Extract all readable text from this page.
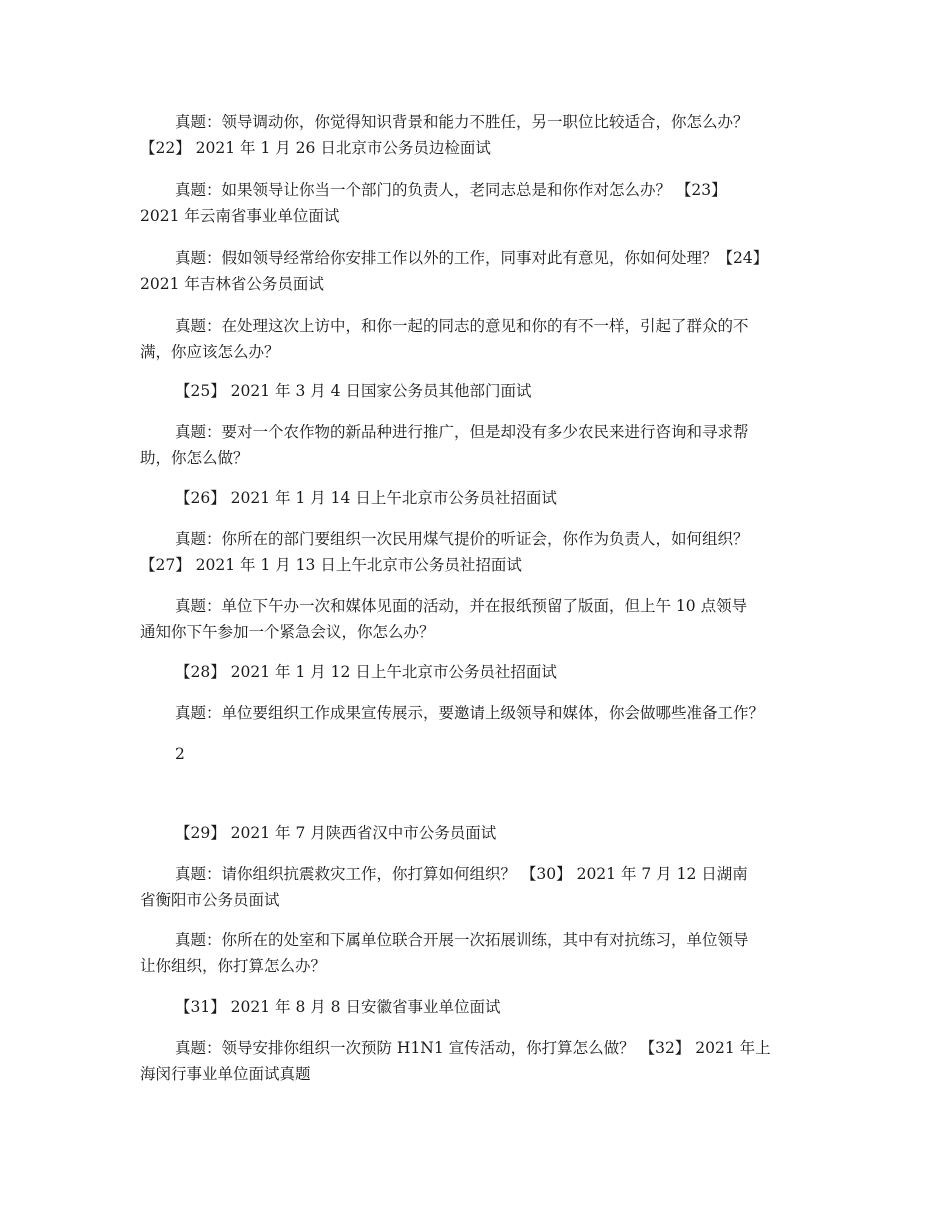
真题：领导调动你，你觉得知识背景和能力不胜任，另一职位比较适合，你怎么办？
【22】 2021 年 1 月 26 日北京市公务员边检面试
真题：如果领导让你当一个部门的负责人，老同志总是和你作对怎么办？ 【23】
2021 年云南省事业单位面试
真题：假如领导经常给你安排工作以外的工作，同事对此有意见，你如何处理？【24】
2021 年吉林省公务员面试
真题：在处理这次上访中，和你一起的同志的意见和你的有不一样，引起了群众的不
满，你应该怎么办？
【25】 2021 年 3 月 4 日国家公务员其他部门面试
真题：要对一个农作物的新品种进行推广，但是却没有多少农民来进行咨询和寻求帮
助，你怎么做？
【26】 2021 年 1 月 14 日上午北京市公务员社招面试
真题：你所在的部门要组织一次民用煤气提价的听证会，你作为负责人，如何组织？
【27】 2021 年 1 月 13 日上午北京市公务员社招面试
真题：单位下午办一次和媒体见面的活动，并在报纸预留了版面，但上午 10 点领导
通知你下午参加一个紧急会议，你怎么办？
【28】 2021 年 1 月 12 日上午北京市公务员社招面试
真题：单位要组织工作成果宣传展示，要邀请上级领导和媒体，你会做哪些准备工作？
2
【29】 2021 年 7 月陕西省汉中市公务员面试
真题：请你组织抗震救灾工作，你打算如何组织？ 【30】 2021 年 7 月 12 日湖南
省衡阳市公务员面试
真题：你所在的处室和下属单位联合开展一次拓展训练，其中有对抗练习，单位领导
让你组织，你打算怎么办？
【31】 2021 年 8 月 8 日安徽省事业单位面试
真题：领导安排你组织一次预防 H1N1 宣传活动，你打算怎么做？ 【32】 2021 年上
海闵行事业单位面试真题
